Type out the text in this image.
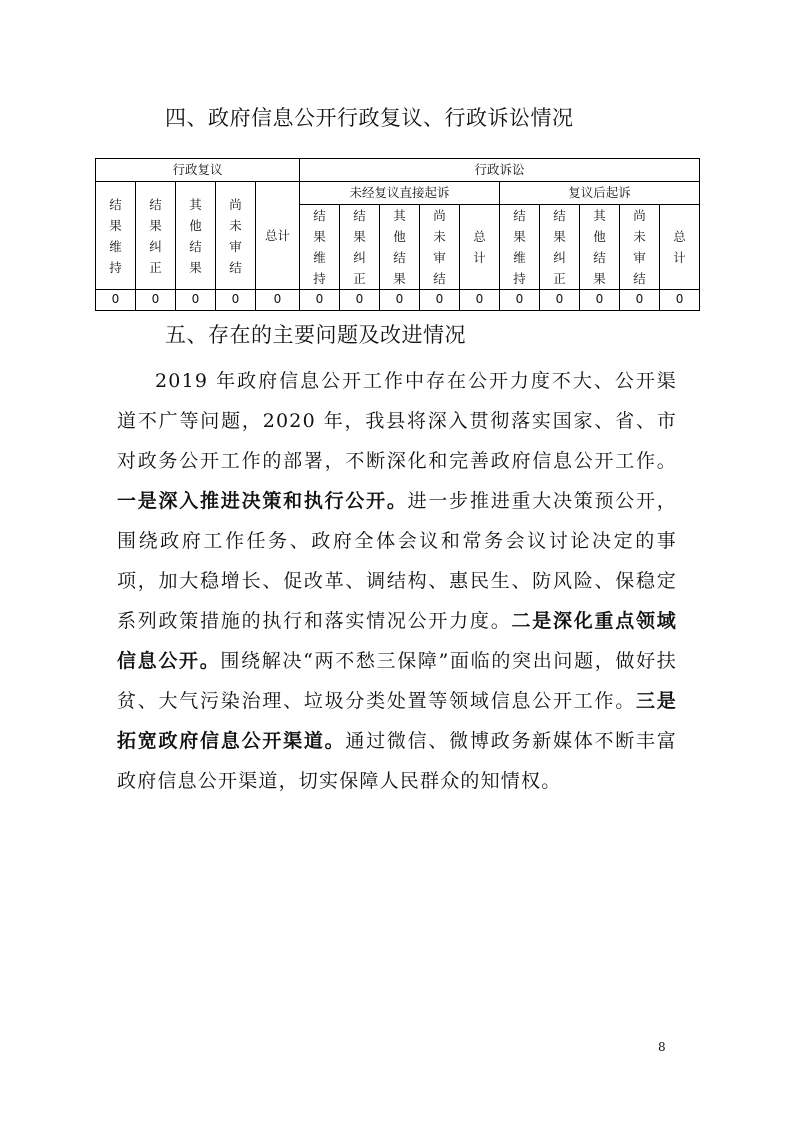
四、政府信息公开行政复议、行政诉讼情况
行政复议					行政诉讼									
结果维持	结果纠正	其他结果	尚未审结	总计	未经复议直接起诉					复议后起诉				
					结果维持	结果纠正	其他结果	尚未审结	总计	结果维持	结果纠正	其他结果	尚未审结	总计
0	0	0	0	0	0	0	0	0	0	0	0	0	0	0
五、存在的主要问题及改进情况

2019 年政府信息公开工作中存在公开力度不大、公开渠道不广等问题，2020 年，我县将深入贯彻落实国家、省、市对政务公开工作的部署，不断深化和完善政府信息公开工作。一是深入推进决策和执行公开。进一步推进重大决策预公开，围绕政府工作任务、政府全体会议和常务会议讨论决定的事项，加大稳增长、促改革、调结构、惠民生、防风险、保稳定系列政策措施的执行和落实情况公开力度。二是深化重点领域信息公开。围绕解决“两不愁三保障”面临的突出问题，做好扶贫、大气污染治理、垃圾分类处置等领域信息公开工作。三是拓宽政府信息公开渠道。通过微信、微博政务新媒体不断丰富政府信息公开渠道，切实保障人民群众的知情权。

8
